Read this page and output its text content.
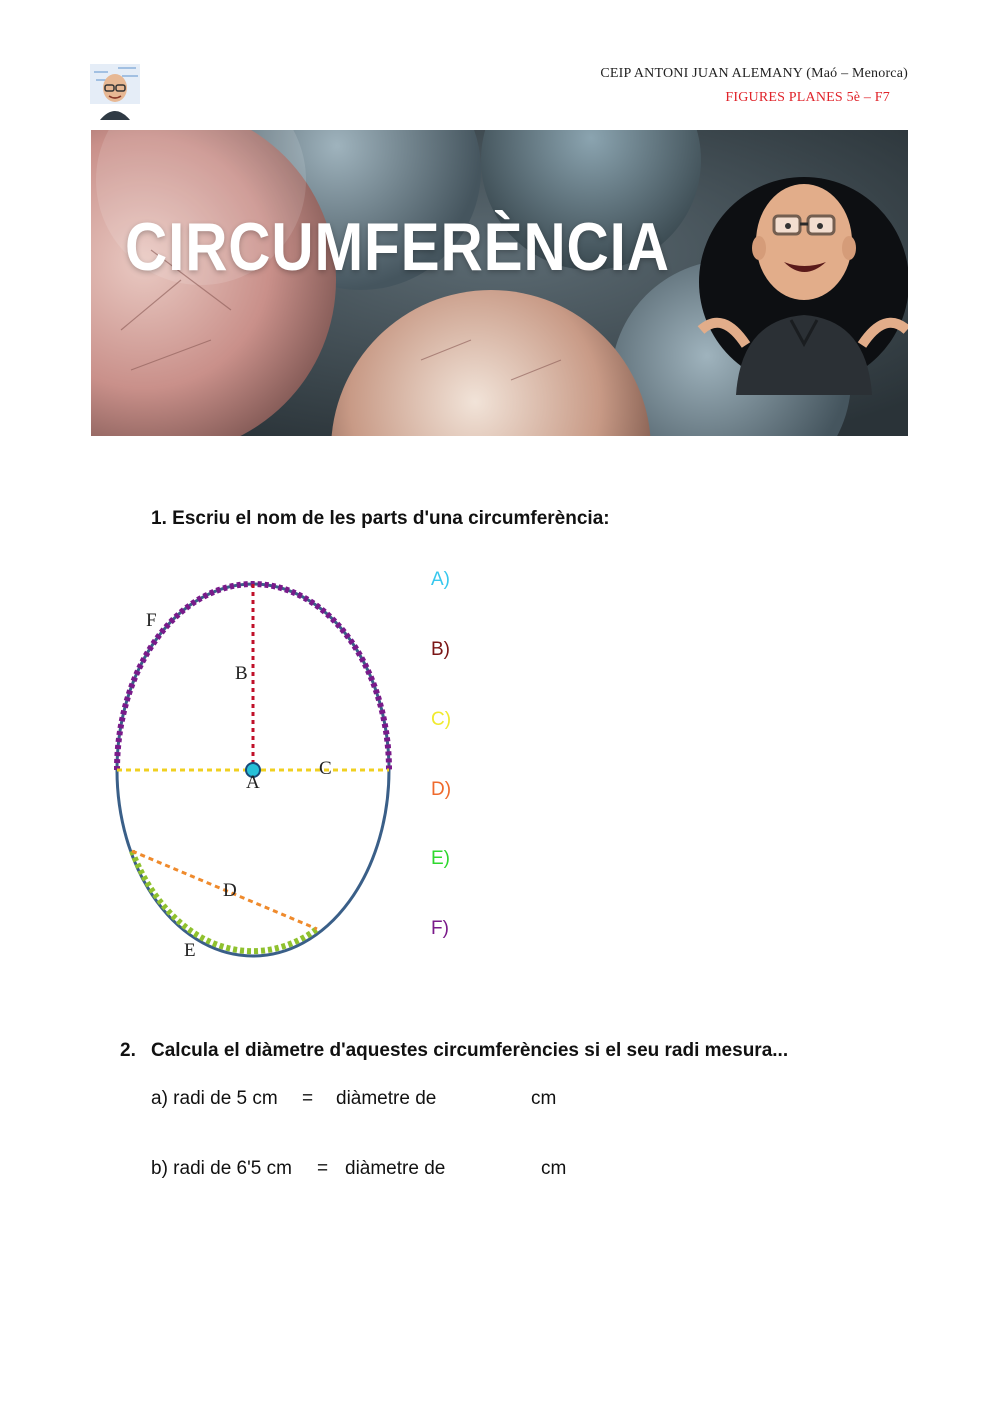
CEIP ANTONI JUAN ALEMANY (Maó – Menorca)
FIGURES PLANES 5è – F7
CIRCUMFERÈNCIA
1. Escriu el nom de les parts d'una circumferència:
F
B
A
C
D
E
A)
B)
C)
D)
E)
F)
2. Calcula el diàmetre d'aquestes circumferències si el seu radi mesura...
a) radi de 5 cm = diàmetre de	cm
b) radi de 6'5 cm = diàmetre de	cm
